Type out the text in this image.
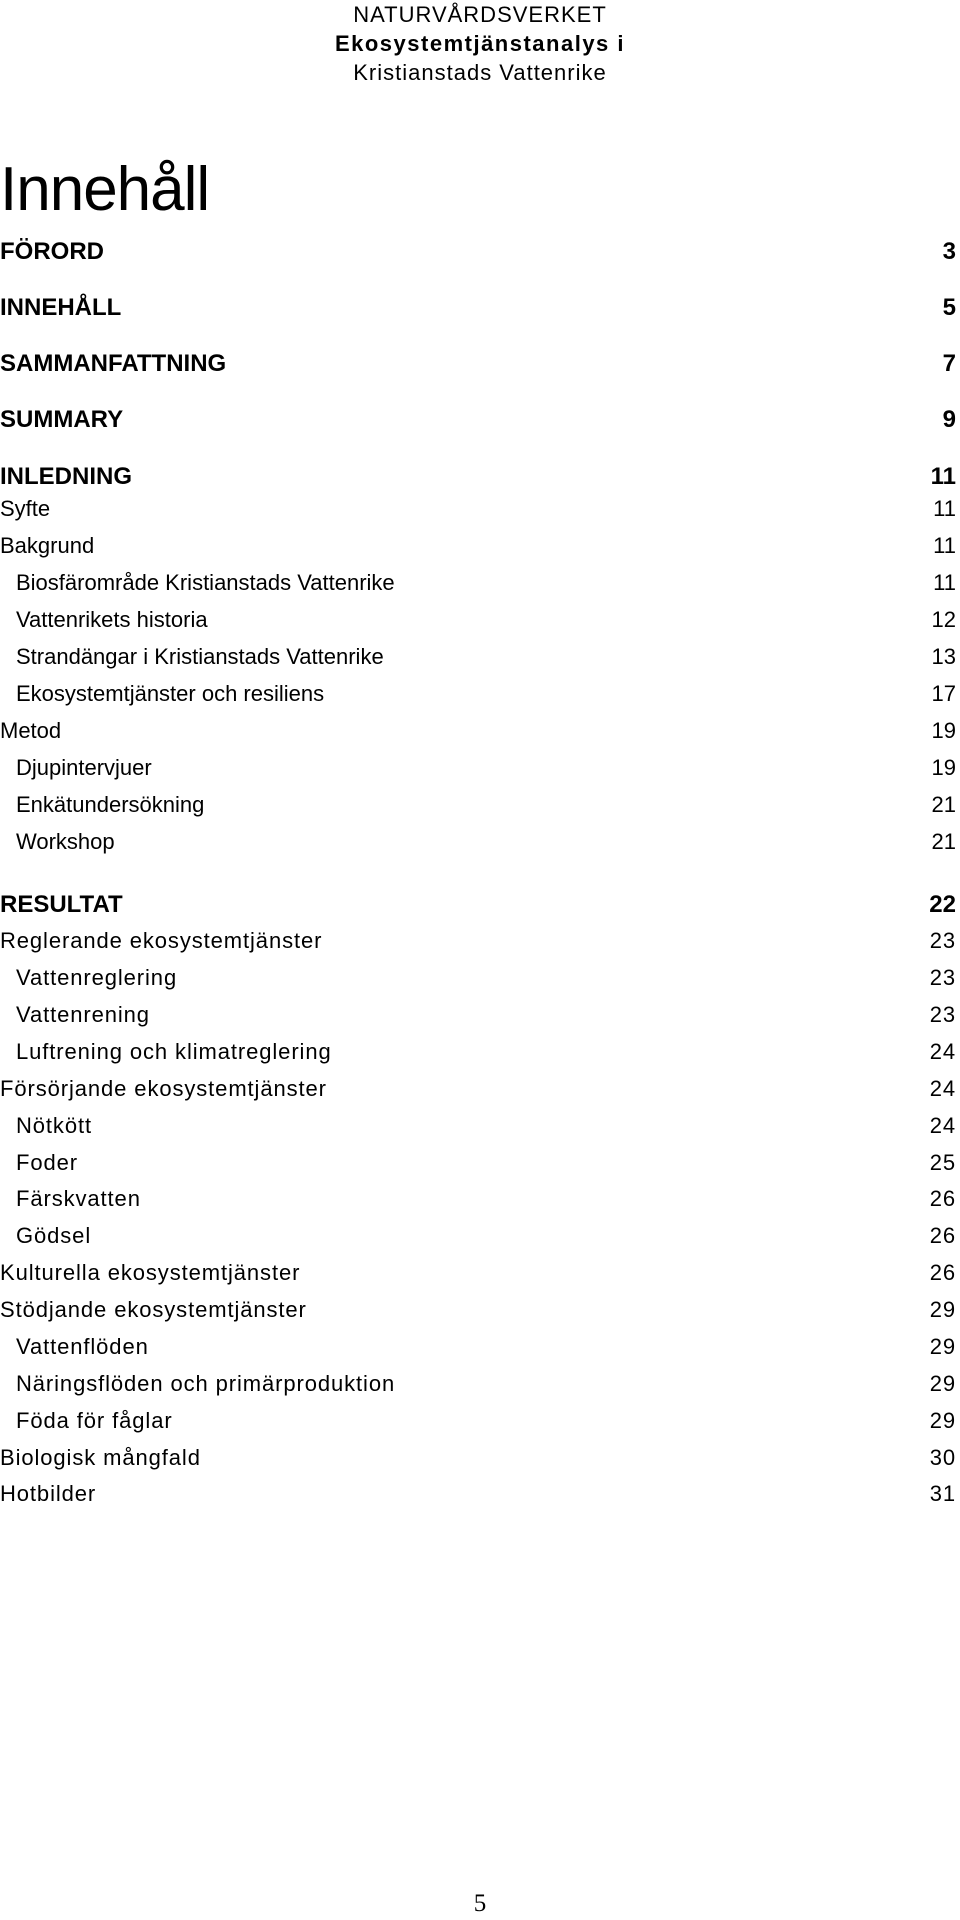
NATURVÅRDSVERKET
Ekosystemtjänstanalys i
Kristianstads Vattenrike
Innehåll
FÖRORD	3
INNEHÅLL	5
SAMMANFATTNING	7
SUMMARY	9
INLEDNING	11
Syfte	11
Bakgrund	11
Biosfärområde Kristianstads Vattenrike	11
Vattenrikets historia	12
Strandängar i Kristianstads Vattenrike	13
Ekosystemtjänster och resiliens	17
Metod	19
Djupintervjuer	19
Enkätundersökning	21
Workshop	21
RESULTAT	22
Reglerande ekosystemtjänster	23
Vattenreglering	23
Vattenrening	23
Luftrening och klimatreglering	24
Försörjande ekosystemtjänster	24
Nötkött	24
Foder	25
Färskvatten	26
Gödsel	26
Kulturella ekosystemtjänster	26
Stödjande ekosystemtjänster	29
Vattenflöden	29
Näringsflöden och primärproduktion	29
Föda för fåglar	29
Biologisk mångfald	30
Hotbilder	31
5
